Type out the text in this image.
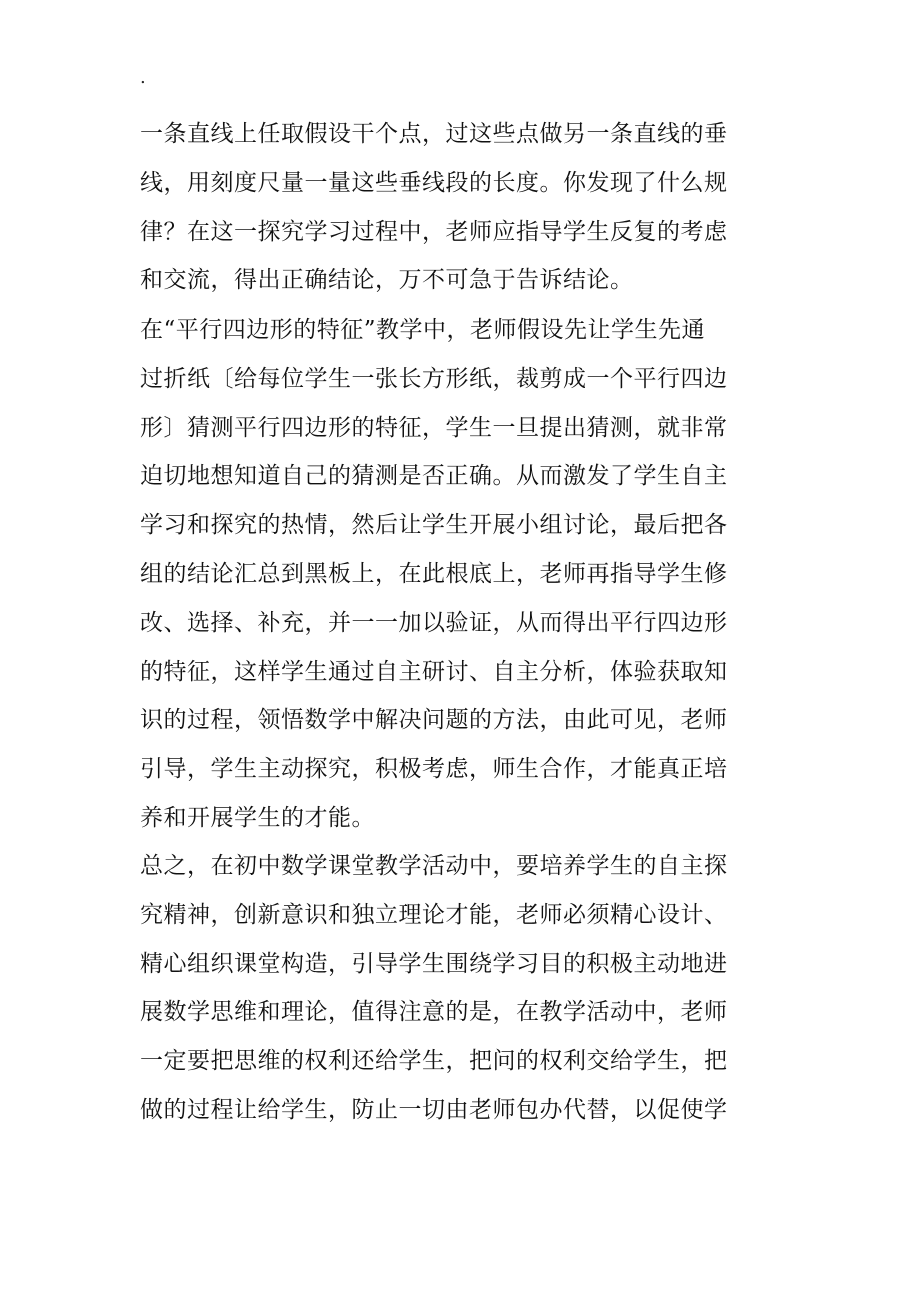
.
一条直线上任取假设干个点，过这些点做另一条直线的垂
线，用刻度尺量一量这些垂线段的长度。你发现了什么规
律？在这一探究学习过程中，老师应指导学生反复的考虑
和交流，得出正确结论，万不可急于告诉结论。
在“平行四边形的特征”教学中，老师假设先让学生先通
过折纸〔给每位学生一张长方形纸，裁剪成一个平行四边
形〕猜测平行四边形的特征，学生一旦提出猜测，就非常
迫切地想知道自己的猜测是否正确。从而激发了学生自主
学习和探究的热情，然后让学生开展小组讨论，最后把各
组的结论汇总到黑板上，在此根底上，老师再指导学生修
改、选择、补充，并一一加以验证，从而得出平行四边形
的特征，这样学生通过自主研讨、自主分析，体验获取知
识的过程，领悟数学中解决问题的方法，由此可见，老师
引导，学生主动探究，积极考虑，师生合作，才能真正培
养和开展学生的才能。
总之，在初中数学课堂教学活动中，要培养学生的自主探
究精神，创新意识和独立理论才能，老师必须精心设计、
精心组织课堂构造，引导学生围绕学习目的积极主动地进
展数学思维和理论，值得注意的是，在教学活动中，老师
一定要把思维的权利还给学生，把问的权利交给学生，把
做的过程让给学生，防止一切由老师包办代替，以促使学
